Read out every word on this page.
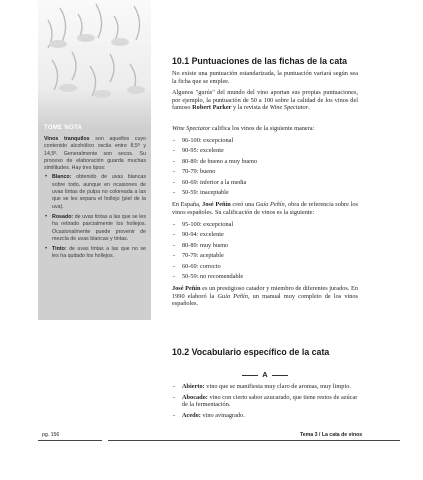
TOME NOTA

Vinos tranquilos son aquellos cuyo contenido alcohólico oscila entre 8,5º y 14,5º. Generalmente son secos. Su proceso de elaboración guarda muchas similitudes. Hay tres tipos:

• Blanco: obtenido de uvas blancas sobre todo, aunque en ocasiones de uvas tintas de pulpa no coloreada a las que se les separa el hollejo (piel de la uva).
• Rosado: de uvas tintas a las que se les ha retirado parcialmente los hollejos. Ocasionalmente puede provenir de mezcla de uvas blancas y tintas.
• Tinto: de uvas tintas a las que no se les ha quitado los hollejos.
10.1 Puntuaciones de las fichas de la cata

No existe una puntuación estandarizada, la puntuación variará según sea la ficha que se emplee.

Algunos "gurús" del mundo del vino aportan sus propias puntuaciones, por ejemplo, la puntuación de 50 a 100 sobre la calidad de los vinos del famoso Robert Parker y la revista de Wine Spectator.

Wine Spectator califica los vinos de la siguiente manera:

- 96-100: excepcional
- 90-95: excelente
- 80-89: de bueno a muy bueno
- 70-79: bueno
- 60-69: inferior a la media
- 50-59: inaceptable

En España, José Peñín creó una Guía Peñín, obra de referencia sobre los vinos españoles. Su calificación de vinos es la siguiente:

- 95-100: excepcional
- 90-94: excelente
- 80-89: muy bueno
- 70-79: aceptable
- 60-69: correcto
- 50-59: no recomendable

José Peñín es un prestigioso catador y miembro de diferentes jurados. En 1990 elaboró la Guía Peñín, un manual muy completo de los vinos españoles.

10.2 Vocabulario específico de la cata
A
- Abierto: vino que se manifiesta muy claro de aromas, muy limpio.
- Abocado: vino con cierto sabor azucarado, que tiene restos de azúcar de la fermentación.
- Acedo: vino avinagrado.
pg. 156	Tema 3 / La cata de vinos
